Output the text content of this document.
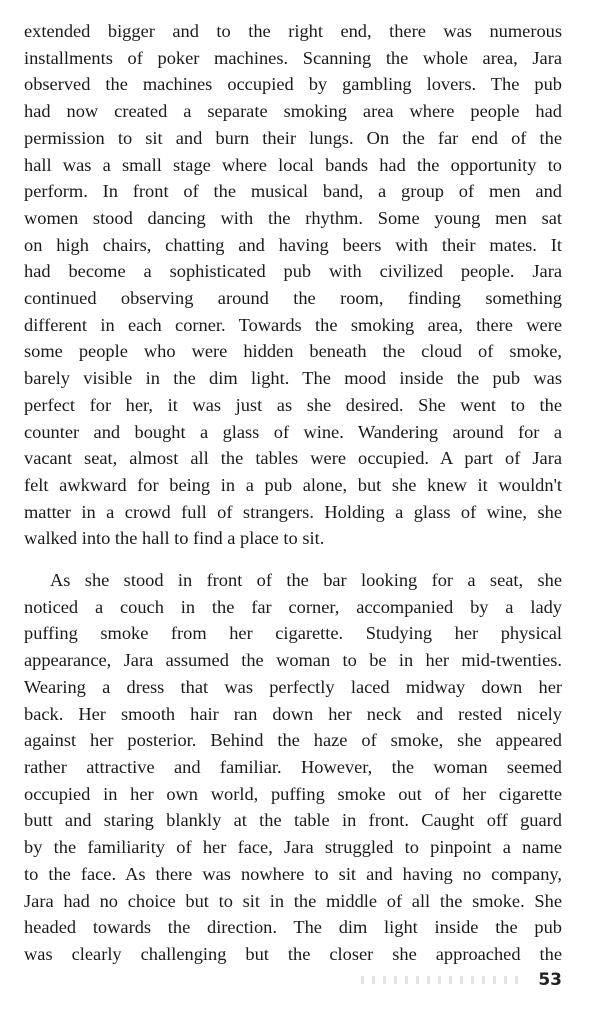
extended bigger and to the right end, there was numerous
installments of poker machines. Scanning the whole area, Jara
observed the machines occupied by gambling lovers. The pub
had now created a separate smoking area where people had
permission to sit and burn their lungs. On the far end of the
hall was a small stage where local bands had the opportunity to
perform. In front of the musical band, a group of men and
women stood dancing with the rhythm. Some young men sat
on high chairs, chatting and having beers with their mates. It
had become a sophisticated pub with civilized people. Jara
continued observing around the room, finding something
different in each corner. Towards the smoking area, there were
some people who were hidden beneath the cloud of smoke,
barely visible in the dim light. The mood inside the pub was
perfect for her, it was just as she desired. She went to the
counter and bought a glass of wine. Wandering around for a
vacant seat, almost all the tables were occupied. A part of Jara
felt awkward for being in a pub alone, but she knew it wouldn't
matter in a crowd full of strangers. Holding a glass of wine, she
walked into the hall to find a place to sit.
As she stood in front of the bar looking for a seat, she
noticed a couch in the far corner, accompanied by a lady
puffing smoke from her cigarette. Studying her physical
appearance, Jara assumed the woman to be in her mid-twenties.
Wearing a dress that was perfectly laced midway down her
back. Her smooth hair ran down her neck and rested nicely
against her posterior. Behind the haze of smoke, she appeared
rather attractive and familiar. However, the woman seemed
occupied in her own world, puffing smoke out of her cigarette
butt and staring blankly at the table in front. Caught off guard
by the familiarity of her face, Jara struggled to pinpoint a name
to the face. As there was nowhere to sit and having no company,
Jara had no choice but to sit in the middle of all the smoke. She
headed towards the direction. The dim light inside the pub
was clearly challenging but the closer she approached the
53
